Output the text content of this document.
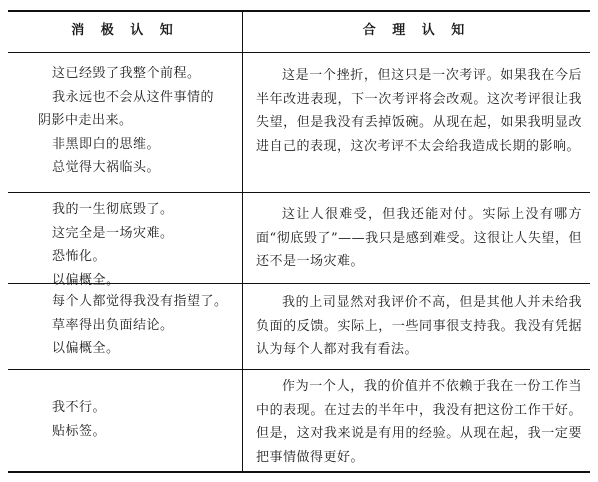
消 极 认 知	合 理 认 知
这已经毁了我整个前程。
我永远也不会从这件事情的
阴影中走出来。
非黑即白的思维。
总觉得大祸临头。
这是一个挫折，但这只是一次考评。如果我在今后半年改进表现，下一次考评将会改观。这次考评很让我失望，但是我没有丢掉饭碗。从现在起，如果我明显改进自己的表现，这次考评不太会给我造成长期的影响。
我的一生彻底毁了。
这完全是一场灾难。
恐怖化。
以偏概全。
这让人很难受，但我还能对付。实际上没有哪方面“彻底毁了”——我只是感到难受。这很让人失望，但还不是一场灾难。
每个人都觉得我没有指望了。
草率得出负面结论。
以偏概全。
我的上司显然对我评价不高，但是其他人并未给我负面的反馈。实际上，一些同事很支持我。我没有凭据认为每个人都对我有看法。
我不行。
贴标签。
作为一个人，我的价值并不依赖于我在一份工作当中的表现。在过去的半年中，我没有把这份工作干好。但是，这对我来说是有用的经验。从现在起，我一定要把事情做得更好。
